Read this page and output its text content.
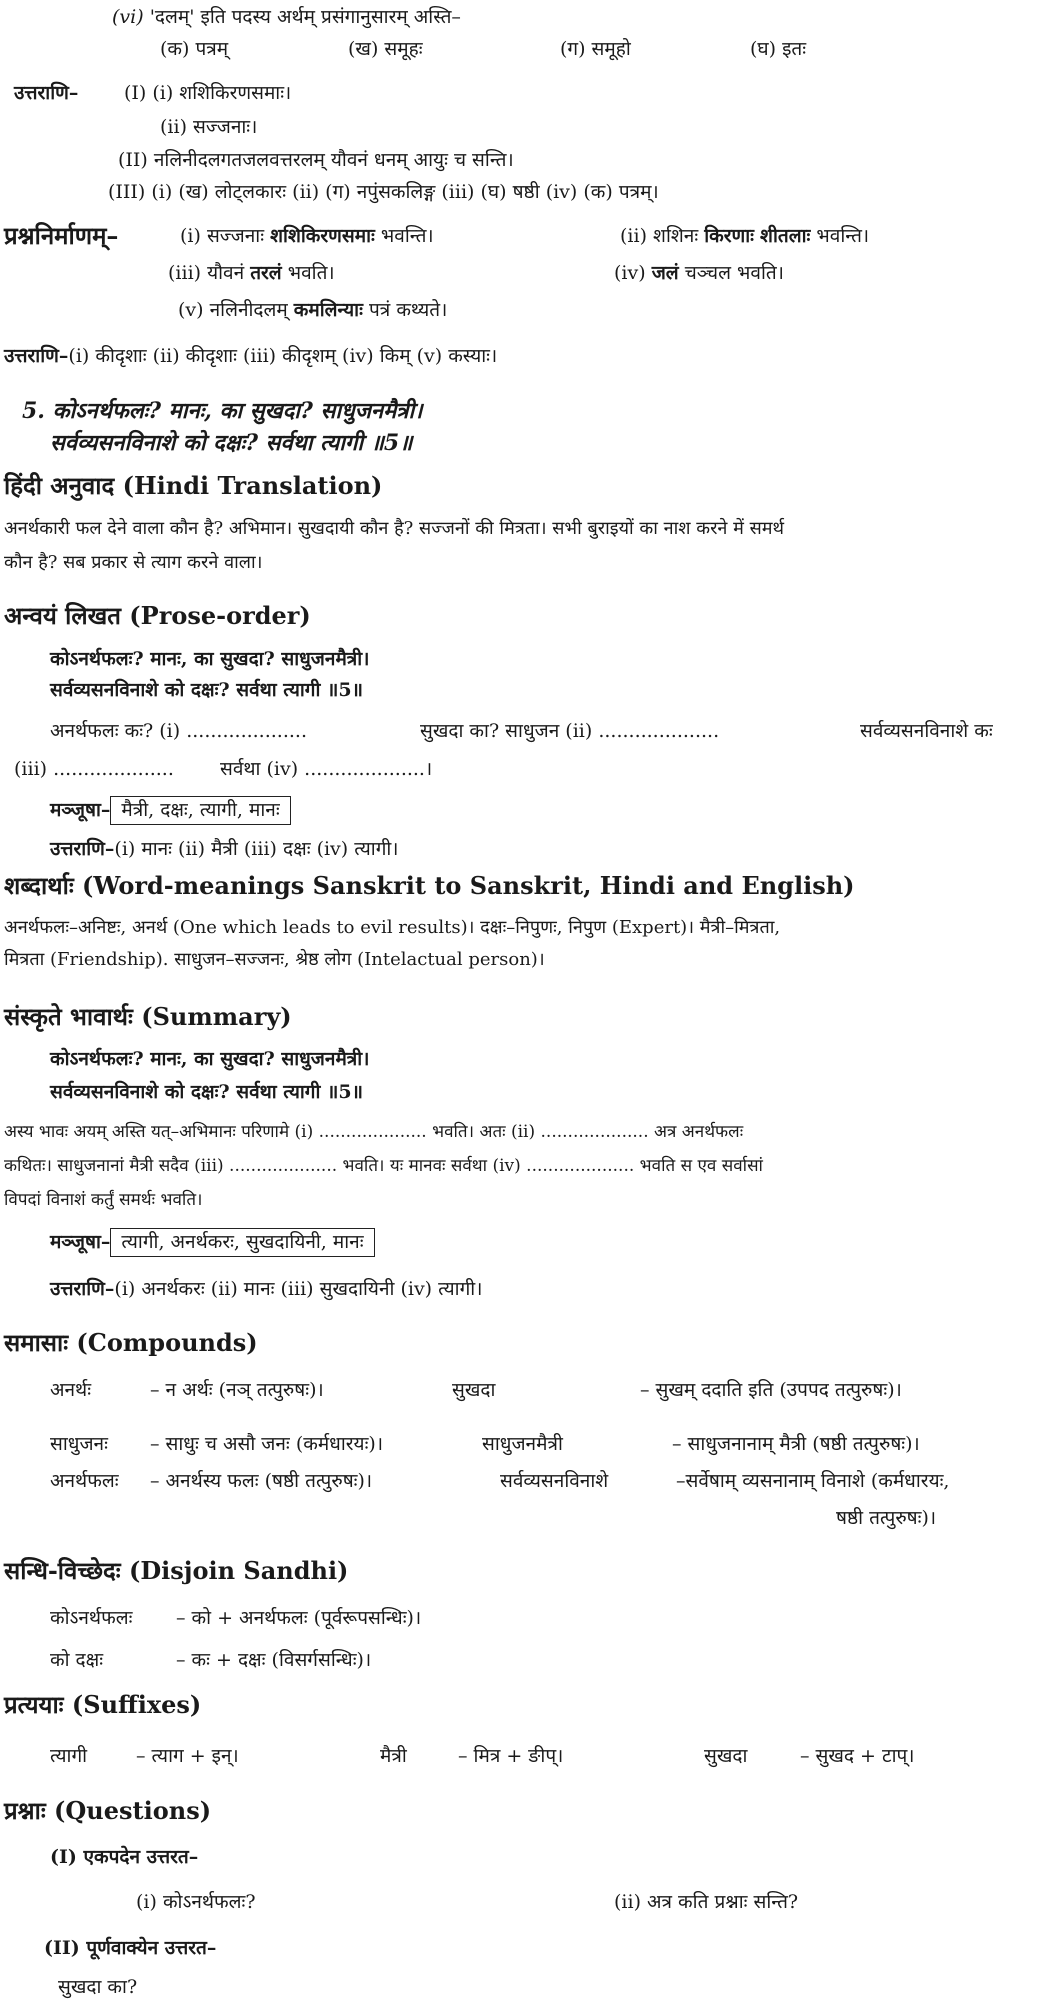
(vi) 'दलम्' इति पदस्य अर्थम् प्रसंगानुसारम् अस्ति–
(क) पत्रम्	(ख) समूहः	(ग) समूहो	(घ) इतः
उत्तराणि– (I) (i) शशिकिरणसमाः।
(ii) सज्जनाः।
(II) नलिनीदलगतजलवत्तरलम् यौवनं धनम् आयुः च सन्ति।
(III) (i) (ख) लोट्लकारः (ii) (ग) नपुंसकलिङ्ग (iii) (घ) षष्ठी (iv) (क) पत्रम्।
प्रश्ननिर्माणम्–	(i) सज्जनाः शशिकिरणसमाः भवन्ति।	(ii) शशिनः किरणाः शीतलाः भवन्ति।
(iii) यौवनं तरलं भवति।	(iv) जलं चञ्चल भवति।
(v) नलिनीदलम् कमलिन्याः पत्रं कथ्यते।
उत्तराणि–(i) कीदृशाः (ii) कीदृशाः (iii) कीदृशम् (iv) किम् (v) कस्याः।
5. कोऽनर्थफलः? मानः, का सुखदा? साधुजनमैत्री।
सर्वव्यसनविनाशे को दक्षः? सर्वथा त्यागी ॥5॥
हिंदी अनुवाद (Hindi Translation)
अनर्थकारी फल देने वाला कौन है? अभिमान। सुखदायी कौन है? सज्जनों की मित्रता। सभी बुराइयों का नाश करने में समर्थ
कौन है? सब प्रकार से त्याग करने वाला।
अन्वयं लिखत (Prose-order)
कोऽनर्थफलः? मानः, का सुखदा? साधुजनमैत्री।
सर्वव्यसनविनाशे को दक्षः? सर्वथा त्यागी ॥5॥
अनर्थफलः कः? (i) ....................	सुखदा का? साधुजन (ii) ....................	सर्वव्यसनविनाशे कः
(iii) .................... सर्वथा (iv) ....................।
मञ्जूषा– मैत्री, दक्षः, त्यागी, मानः
उत्तराणि–(i) मानः (ii) मैत्री (iii) दक्षः (iv) त्यागी।
शब्दार्थाः (Word-meanings Sanskrit to Sanskrit, Hindi and English)
अनर्थफलः–अनिष्टः, अनर्थ (One which leads to evil results)। दक्षः–निपुणः, निपुण (Expert)। मैत्री–मित्रता,
मित्रता (Friendship). साधुजन–सज्जनः, श्रेष्ठ लोग (Intelactual person)।
संस्कृते भावार्थः (Summary)
कोऽनर्थफलः? मानः, का सुखदा? साधुजनमैत्री।
सर्वव्यसनविनाशे को दक्षः? सर्वथा त्यागी ॥5॥
अस्य भावः अयम् अस्ति यत्–अभिमानः परिणामे (i) .................... भवति। अतः (ii) .................... अत्र अनर्थफलः
कथितः। साधुजनानां मैत्री सदैव (iii) .................... भवति। यः मानवः सर्वथा (iv) .................... भवति स एव सर्वासां
विपदां विनाशं कर्तुं समर्थः भवति।
मञ्जूषा– त्यागी, अनर्थकरः, सुखदायिनी, मानः
उत्तराणि–(i) अनर्थकरः (ii) मानः (iii) सुखदायिनी (iv) त्यागी।
समासाः (Compounds)
अनर्थः	– न अर्थः (नञ् तत्पुरुषः)।	सुखदा	– सुखम् ददाति इति (उपपद तत्पुरुषः)।
साधुजनः – साधुः च असौ जनः (कर्मधारयः)।	साधुजनमैत्री	– साधुजनानाम् मैत्री (षष्ठी तत्पुरुषः)।
अनर्थफलः – अनर्थस्य फलः (षष्ठी तत्पुरुषः)।	सर्वव्यसनविनाशे	–सर्वेषाम् व्यसनानाम् विनाशे (कर्मधारयः,
षष्ठी तत्पुरुषः)।
सन्धि-विच्छेदः (Disjoin Sandhi)
कोऽनर्थफलः – को + अनर्थफलः (पूर्वरूपसन्धिः)।
को दक्षः	– कः + दक्षः (विसर्गसन्धिः)।
प्रत्ययाः (Suffixes)
त्यागी	– त्याग + इन्।	मैत्री	– मित्र + ङीप्।	सुखदा	– सुखद + टाप्।
प्रश्नाः (Questions)
(I) एकपदेन उत्तरत–
(i) कोऽनर्थफलः?	(ii) अत्र कति प्रश्नाः सन्ति?
(II) पूर्णवाक्येन उत्तरत–
सुखदा का?
